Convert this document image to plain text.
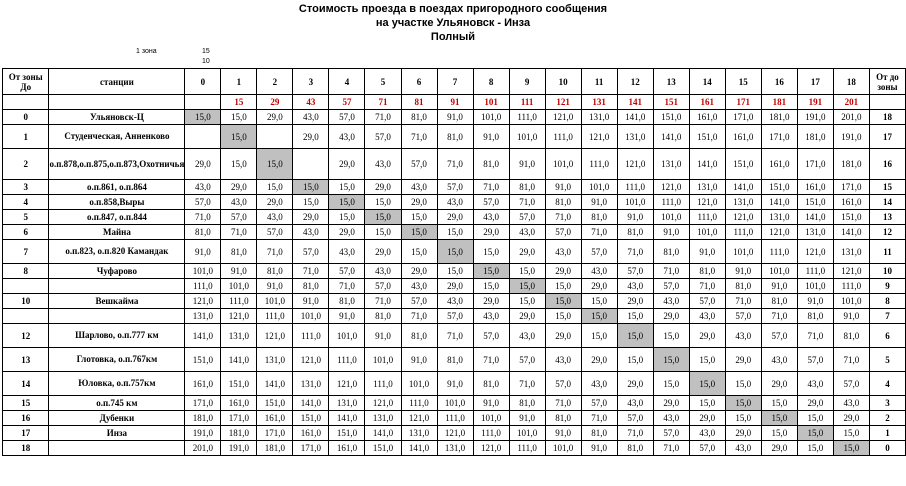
Стоимость проезда в поездах пригородного сообщения
на участке Ульяновск - Инза
Полный
1 зона	15
10
От зоны
До	станции	0	1	2	3	4	5	6	7	8	9	10	11	12	13	14	15	16	17	18	От до зоны
			15	29	43	57	71	81	91	101	111	121	131	141	151	161	171	181	191	201	
0	Ульяновск-Ц	15,0	15,0	29,0	43,0	57,0	71,0	81,0	91,0	101,0	111,0	121,0	131,0	141,0	151,0	161,0	171,0	181,0	191,0	201,0	18
1	Студенческая, Анненково		15,0		29,0	43,0	57,0	71,0	81,0	91,0	101,0	111,0	121,0	131,0	141,0	151,0	161,0	171,0	181,0	191,0	17
2	о.п.878,о.п.875,о.п.873,Охотничья	29,0	15,0	15,0		29,0	43,0	57,0	71,0	81,0	91,0	101,0	111,0	121,0	131,0	141,0	151,0	161,0	171,0	181,0	16
3	о.п.861, о.п.864	43,0	29,0	15,0	15,0	15,0	29,0	43,0	57,0	71,0	81,0	91,0	101,0	111,0	121,0	131,0	141,0	151,0	161,0	171,0	15
4	о.п.858,Выры	57,0	43,0	29,0	15,0	15,0	15,0	29,0	43,0	57,0	71,0	81,0	91,0	101,0	111,0	121,0	131,0	141,0	151,0	161,0	14
5	о.п.847, о.п.844	71,0	57,0	43,0	29,0	15,0	15,0	15,0	29,0	43,0	57,0	71,0	81,0	91,0	101,0	111,0	121,0	131,0	141,0	151,0	13
6	Майна	81,0	71,0	57,0	43,0	29,0	15,0	15,0	15,0	29,0	43,0	57,0	71,0	81,0	91,0	101,0	111,0	121,0	131,0	141,0	12
7	о.п.823, о.п.820 Камандак	91,0	81,0	71,0	57,0	43,0	29,0	15,0	15,0	15,0	29,0	43,0	57,0	71,0	81,0	91,0	101,0	111,0	121,0	131,0	11
8	Чуфарово	101,0	91,0	81,0	71,0	57,0	43,0	29,0	15,0	15,0	15,0	29,0	43,0	57,0	71,0	81,0	91,0	101,0	111,0	121,0	10
		111,0	101,0	91,0	81,0	71,0	57,0	43,0	29,0	15,0	15,0	15,0	29,0	43,0	57,0	71,0	81,0	91,0	101,0	111,0	9
10	Вешкайма	121,0	111,0	101,0	91,0	81,0	71,0	57,0	43,0	29,0	15,0	15,0	15,0	29,0	43,0	57,0	71,0	81,0	91,0	101,0	8
		131,0	121,0	111,0	101,0	91,0	81,0	71,0	57,0	43,0	29,0	15,0	15,0	15,0	29,0	43,0	57,0	71,0	81,0	91,0	7
12	Шарлово, о.п.777 км	141,0	131,0	121,0	111,0	101,0	91,0	81,0	71,0	57,0	43,0	29,0	15,0	15,0	15,0	29,0	43,0	57,0	71,0	81,0	6
13	Глотовка, о.п.767км	151,0	141,0	131,0	121,0	111,0	101,0	91,0	81,0	71,0	57,0	43,0	29,0	15,0	15,0	15,0	29,0	43,0	57,0	71,0	5
14	Юловка, о.п.757км	161,0	151,0	141,0	131,0	121,0	111,0	101,0	91,0	81,0	71,0	57,0	43,0	29,0	15,0	15,0	15,0	29,0	43,0	57,0	4
15	о.п.745 км	171,0	161,0	151,0	141,0	131,0	121,0	111,0	101,0	91,0	81,0	71,0	57,0	43,0	29,0	15,0	15,0	15,0	29,0	43,0	3
16	Дубенки	181,0	171,0	161,0	151,0	141,0	131,0	121,0	111,0	101,0	91,0	81,0	71,0	57,0	43,0	29,0	15,0	15,0	15,0	29,0	2
17	Инза	191,0	181,0	171,0	161,0	151,0	141,0	131,0	121,0	111,0	101,0	91,0	81,0	71,0	57,0	43,0	29,0	15,0	15,0	15,0	1
18		201,0	191,0	181,0	171,0	161,0	151,0	141,0	131,0	121,0	111,0	101,0	91,0	81,0	71,0	57,0	43,0	29,0	15,0	15,0	0
